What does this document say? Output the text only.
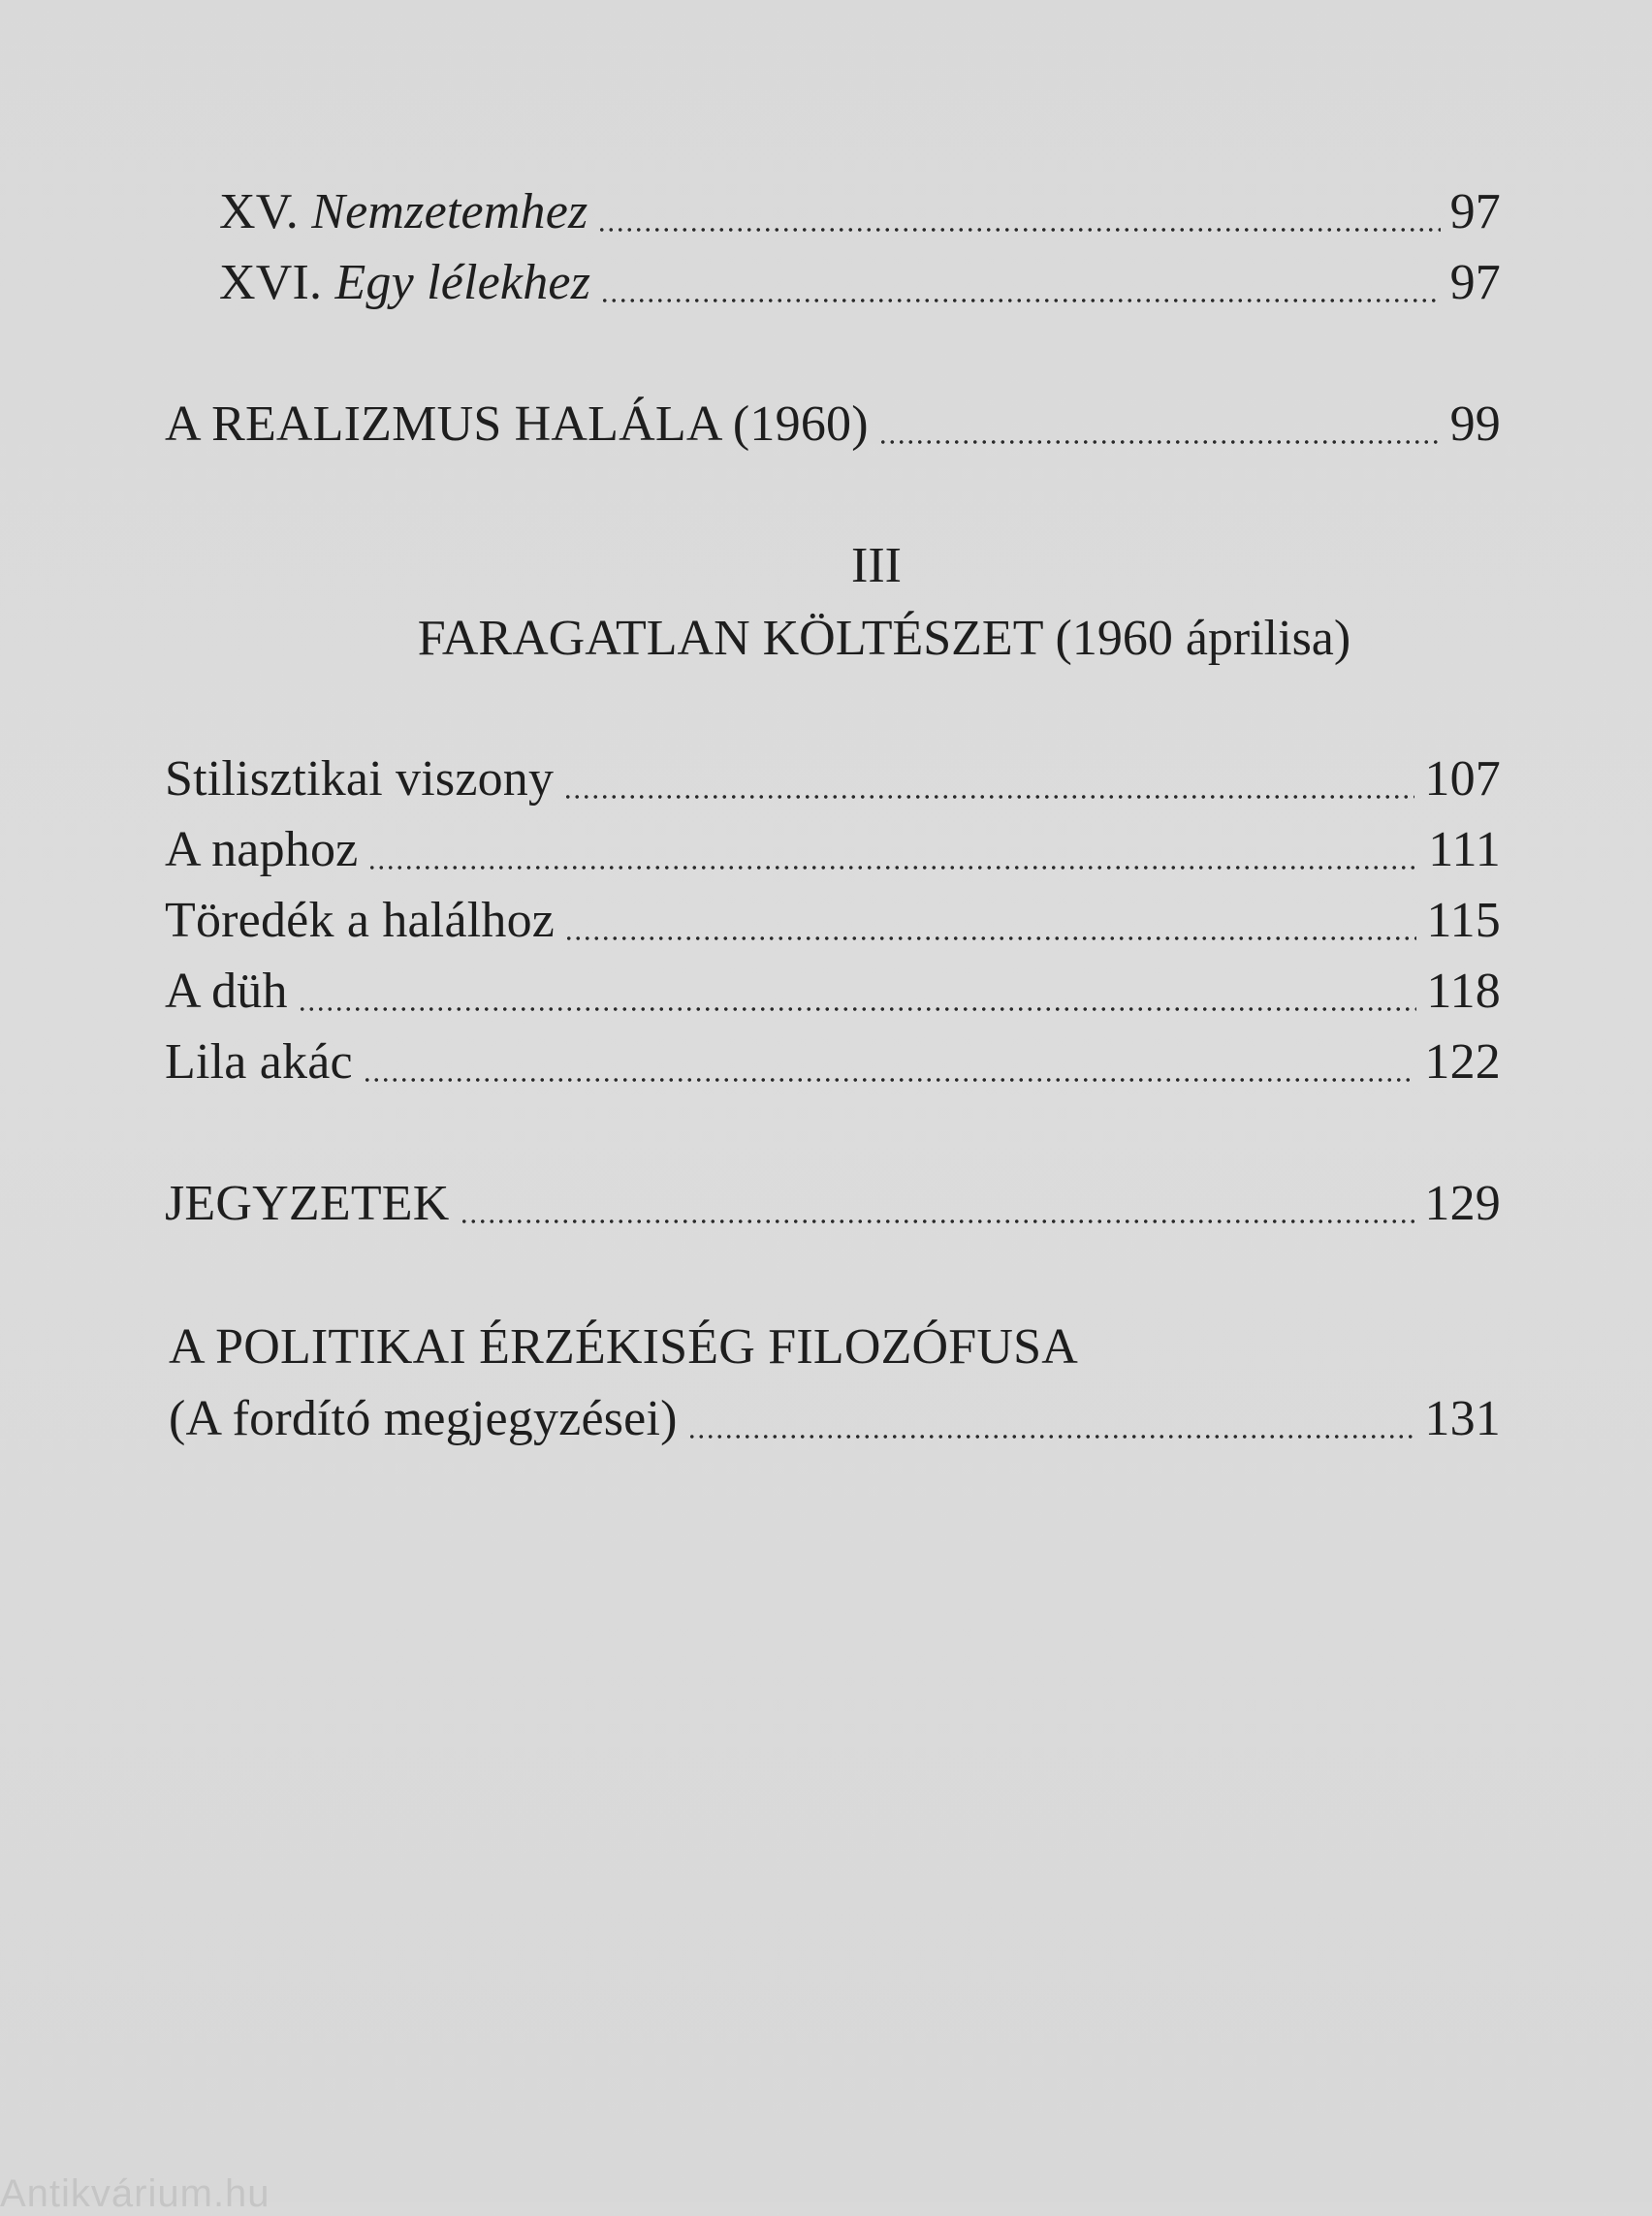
XV. Nemzetemhez	97
XVI. Egy lélekhez	97
A REALIZMUS HALÁLA (1960)	99
III
FARAGATLAN KÖLTÉSZET (1960 áprilisa)
Stilisztikai viszony	107
A naphoz	111
Töredék a halálhoz	115
A düh	118
Lila akác	122
JEGYZETEK	129
A POLITIKAI ÉRZÉKISÉG FILOZÓFUSA
(A fordító megjegyzései)	131
Antikvárium.hu
